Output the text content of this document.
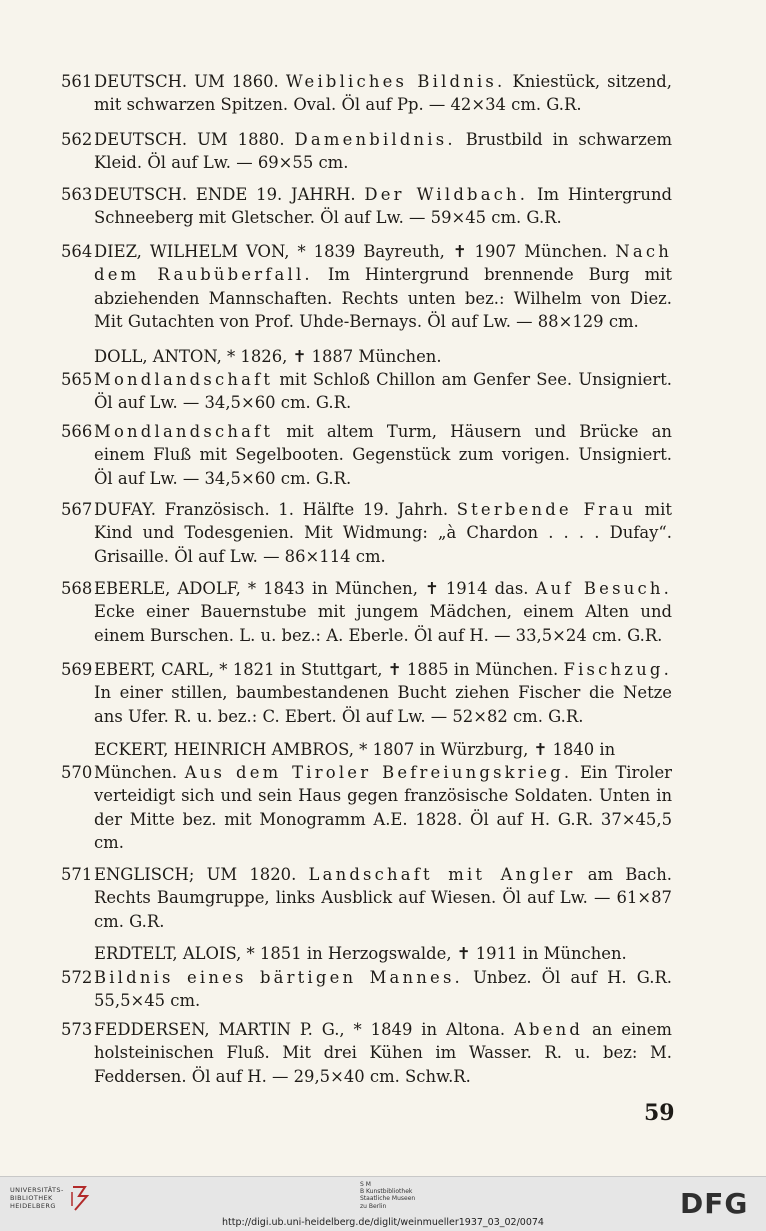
561 DEUTSCH. UM 1860. Weibliches Bildnis. Kniestück, sitzend, mit schwarzen Spitzen. Oval. Öl auf Pp. — 42×34 cm. G.R.
562 DEUTSCH. UM 1880. Damenbildnis. Brustbild in schwarzem Kleid. Öl auf Lw. — 69×55 cm.
563 DEUTSCH. ENDE 19. JAHRH. Der Wildbach. Im Hintergrund Schneeberg mit Gletscher. Öl auf Lw. — 59×45 cm. G.R.
564 DIEZ, WILHELM VON, * 1839 Bayreuth, ✝ 1907 München. Nach dem Raubüberfall. Im Hintergrund brennende Burg mit abziehenden Mannschaften. Rechts unten bez.: Wilhelm von Diez. Mit Gutachten von Prof. Uhde-Bernays. Öl auf Lw. — 88×129 cm.
DOLL, ANTON, * 1826, ✝ 1887 München.
565 Mondlandschaft mit Schloß Chillon am Genfer See. Unsigniert. Öl auf Lw. — 34,5×60 cm. G.R.
566 Mondlandschaft mit altem Turm, Häusern und Brücke an einem Fluß mit Segelbooten. Gegenstück zum vorigen. Unsigniert. Öl auf Lw. — 34,5×60 cm. G.R.
567 DUFAY. Französisch. 1. Hälfte 19. Jahrh. Sterbende Frau mit Kind und Todesgenien. Mit Widmung: „à Chardon . . . . Dufay“. Grisaille. Öl auf Lw. — 86×114 cm.
568 EBERLE, ADOLF, * 1843 in München, ✝ 1914 das. Auf Besuch. Ecke einer Bauernstube mit jungem Mädchen, einem Alten und einem Burschen. L. u. bez.: A. Eberle. Öl auf H. — 33,5×24 cm. G.R.
569 EBERT, CARL, * 1821 in Stuttgart, ✝ 1885 in München. Fischzug. In einer stillen, baumbestandenen Bucht ziehen Fischer die Netze ans Ufer. R. u. bez.: C. Ebert. Öl auf Lw. — 52×82 cm. G.R.
ECKERT, HEINRICH AMBROS, * 1807 in Würzburg, ✝ 1840 in
570 München. Aus dem Tiroler Befreiungskrieg. Ein Tiroler verteidigt sich und sein Haus gegen französische Soldaten. Unten in der Mitte bez. mit Monogramm A.E. 1828. Öl auf H. G.R. 37×45,5 cm.
571 ENGLISCH; UM 1820. Landschaft mit Angler am Bach. Rechts Baumgruppe, links Ausblick auf Wiesen. Öl auf Lw. — 61×87 cm. G.R.
ERDTELT, ALOIS, * 1851 in Herzogswalde, ✝ 1911 in München.
572 Bildnis eines bärtigen Mannes. Unbez. Öl auf H. G.R. 55,5×45 cm.
573 FEDDERSEN, MARTIN P. G., * 1849 in Altona. Abend an einem holsteinischen Fluß. Mit drei Kühen im Wasser. R. u. bez: M. Feddersen. Öl auf H. — 29,5×40 cm. Schw.R.
59
UNIVERSITÄTS-
BIBLIOTHEK
HEIDELBERG
S M
B Kunstbibliothek
Staatliche Museen
zu Berlin	DFG
http://digi.ub.uni-heidelberg.de/diglit/weinmueller1937_03_02/0074
